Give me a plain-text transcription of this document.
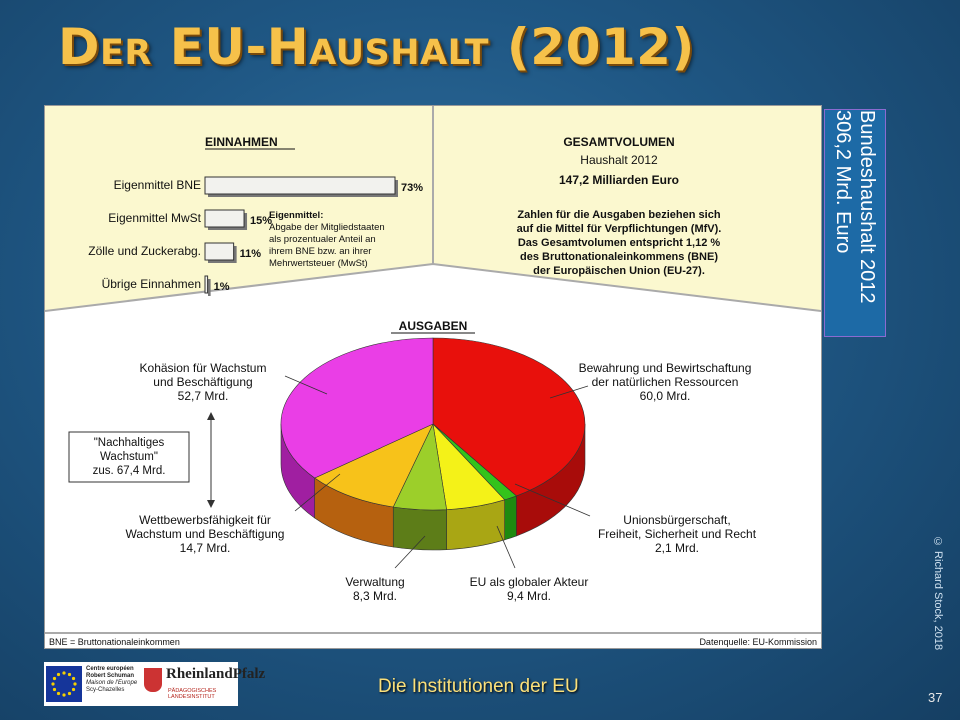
Der EU-Haushalt (2012)
EINNAHMEN
Eigenmittel BNE	73%
Eigenmittel MwSt	15%
Zölle und Zuckerabg.	11%
Übrige Einnahmen 1%
Eigenmittel:
Abgabe der Mitgliedstaaten
als prozentualer Anteil an
ihrem BNE bzw. an ihrer
Mehrwertsteuer (MwSt)
GESAMTVOLUMEN
Haushalt 2012
147,2 Milliarden Euro
Zahlen für die Ausgaben beziehen sich
auf die Mittel für Verpflichtungen (MfV).
Das Gesamtvolumen entspricht 1,12 %
des Bruttonationaleinkommens (BNE)
der Europäischen Union (EU-27).
AUSGABEN
Bewahrung und Bewirtschaftung
der natürlichen Ressourcen
60,0 Mrd.
Unionsbürgerschaft,
Freiheit, Sicherheit und Recht
2,1 Mrd.
EU als globaler Akteur
9,4 Mrd.
Verwaltung
8,3 Mrd.
Wettbewerbsfähigkeit für
Wachstum und Beschäftigung
14,7 Mrd.
Kohäsion für Wachstum
und Beschäftigung
52,7 Mrd.
"Nachhaltiges
Wachstum"
zus. 67,4 Mrd.
BNE = Bruttonationaleinkommen	Datenquelle: EU-Kommission
Bundeshaushalt 2012
306,2 Mrd. Euro
Centre européen
Robert Schuman
Maison de l'Europe
Scy-Chazelles
RheinlandPfalz
PÄDAGOGISCHES
LANDESINSTITUT	Die Institutionen der EU
© Richard Stock, 2018
37
